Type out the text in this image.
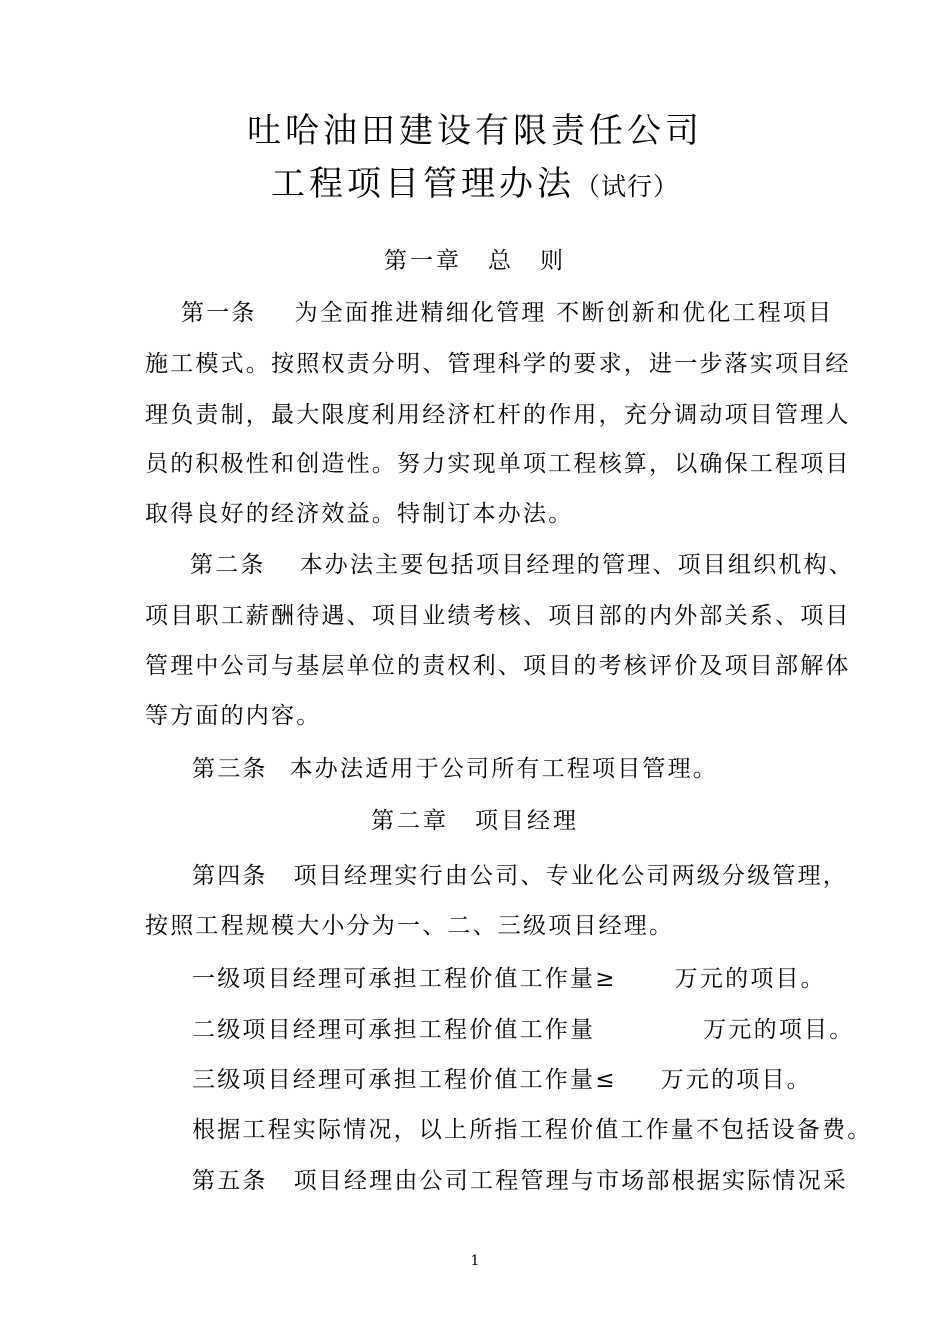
吐哈油田建设有限责任公司
工程项目管理办法（试行）
第一章　总　则
第一条 为全面推进精细化管理 不断创新和优化工程项目
施工模式。按照权责分明、管理科学的要求，进一步落实项目经
理负责制，最大限度利用经济杠杆的作用，充分调动项目管理人
员的积极性和创造性。努力实现单项工程核算，以确保工程项目
取得良好的经济效益。特制订本办法。
第二条 本办法主要包括项目经理的管理、项目组织机构、
项目职工薪酬待遇、项目业绩考核、项目部的内外部关系、项目
管理中公司与基层单位的责权利、项目的考核评价及项目部解体
等方面的内容。
第三条 本办法适用于公司所有工程项目管理。
第二章　项目经理
第四条 项目经理实行由公司、专业化公司两级分级管理，
按照工程规模大小分为一、二、三级项目经理。
一级项目经理可承担工程价值工作量≥	万元的项目。
二级项目经理可承担工程价值工作量	万元的项目。
三级项目经理可承担工程价值工作量≤ 万元的项目。
根据工程实际情况，以上所指工程价值工作量不包括设备费。
第五条 项目经理由公司工程管理与市场部根据实际情况采
1
